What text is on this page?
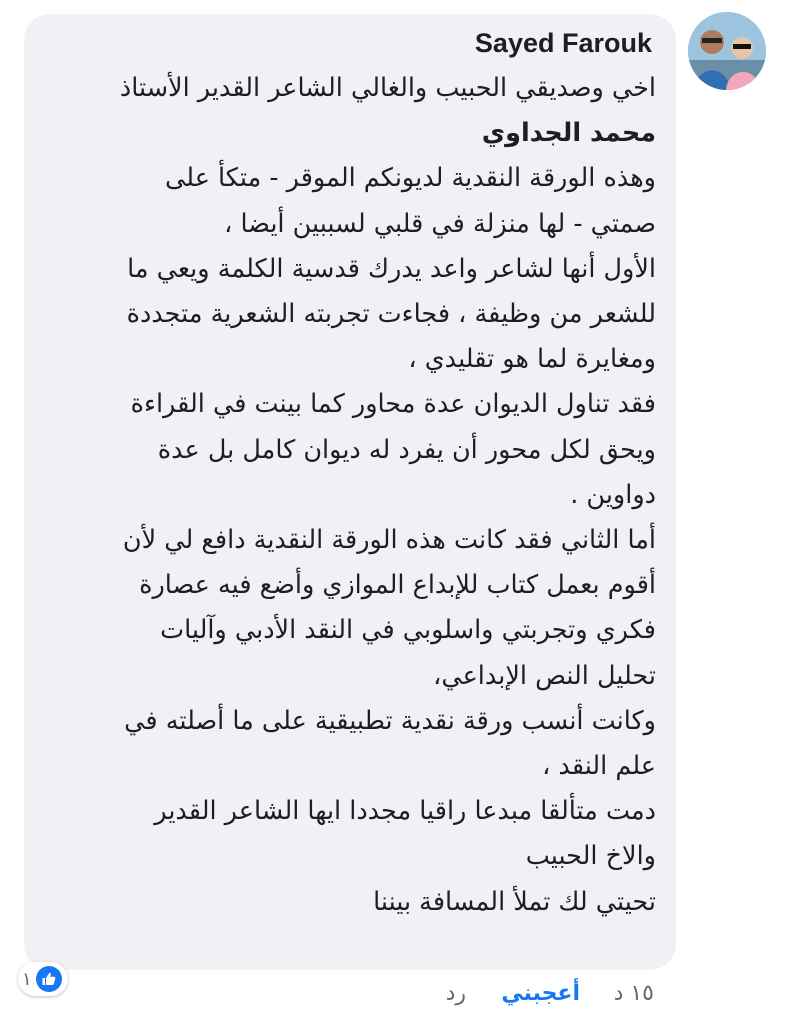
Sayed Farouk
اخي وصديقي الحبيب والغالي الشاعر القدير الأستاذ
محمد الجداوي
وهذه الورقة النقدية لديونكم الموقر - متكأ على
صمتي - لها منزلة في قلبي لسببين أيضا ،
الأول أنها لشاعر واعد يدرك قدسية الكلمة ويعي ما
للشعر من وظيفة ، فجاءت تجربته الشعرية متجددة
ومغايرة لما هو تقليدي ،
فقد تناول الديوان عدة محاور كما بينت في القراءة
ويحق لكل محور أن يفرد له ديوان كامل بل عدة
دواوين .
أما الثاني فقد كانت هذه الورقة النقدية دافع لي لأن
أقوم بعمل كتاب للإبداع الموازي وأضع فيه عصارة
فكري وتجربتي واسلوبي في النقد الأدبي وآليات
تحليل النص الإبداعي،
وكانت أنسب ورقة نقدية تطبيقية على ما أصلته في
علم النقد ،
دمت متألقا مبدعا راقيا مجددا ايها الشاعر القدير
والاخ الحبيب
تحيتي لك تملأ المسافة بيننا
١
١٥ د
أعجبني
رد
